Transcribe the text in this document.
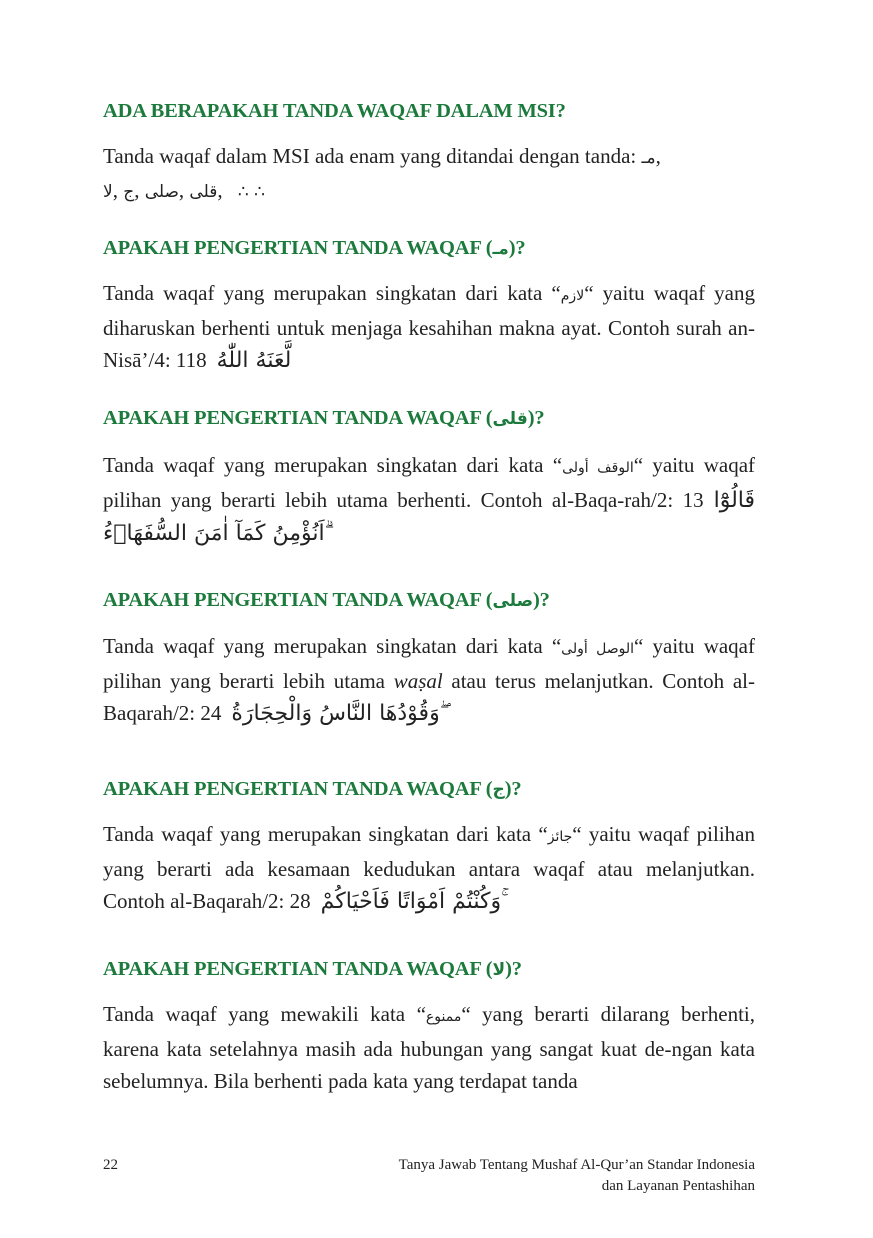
ADA BERAPAKAH TANDA WAQAF DALAM MSI?

Tanda waqaf dalam MSI ada enam yang ditandai dengan tanda: مـ,
لا, ج, صلى, قلى, ∴ ∴

APAKAH PENGERTIAN TANDA WAQAF (مـ)?

Tanda waqaf yang merupakan singkatan dari kata “لازم“ yaitu waqaf yang diharuskan berhenti untuk menjaga kesahihan makna ayat. Contoh surah an-Nisā’/4: 118 لَّعَنَهُ اللّٰهُ

APAKAH PENGERTIAN TANDA WAQAF (قلى)?

Tanda waqaf yang merupakan singkatan dari kata “الوقف أولى“ yaitu waqaf pilihan yang berarti lebih utama berhenti. Contoh al-Baqa-rah/2: 13 قَالُوْٓا اَنُؤْمِنُ كَمَآ اٰمَنَ السُّفَهَاۤءُ ۗ

APAKAH PENGERTIAN TANDA WAQAF (صلى)?

Tanda waqaf yang merupakan singkatan dari kata “الوصل أولى“ yaitu waqaf pilihan yang berarti lebih utama waṣal atau terus melanjutkan. Contoh al-Baqarah/2: 24 وَقُوْدُهَا النَّاسُ وَالْحِجَارَةُ ۖ

APAKAH PENGERTIAN TANDA WAQAF (ج)?

Tanda waqaf yang merupakan singkatan dari kata “جائز“ yaitu waqaf pilihan yang berarti ada kesamaan kedudukan antara waqaf atau melanjutkan. Contoh al-Baqarah/2: 28 وَكُنْتُمْ اَمْوَاتًا فَاَحْيَاكُمْ ۚ

APAKAH PENGERTIAN TANDA WAQAF (لا)?

Tanda waqaf yang mewakili kata “ممنوع“ yang berarti dilarang berhenti, karena kata setelahnya masih ada hubungan yang sangat kuat de-ngan kata sebelumnya. Bila berhenti pada kata yang terdapat tanda

22	Tanya Jawab Tentang Mushaf Al-Qur’an Standar Indonesia
dan Layanan Pentashihan
